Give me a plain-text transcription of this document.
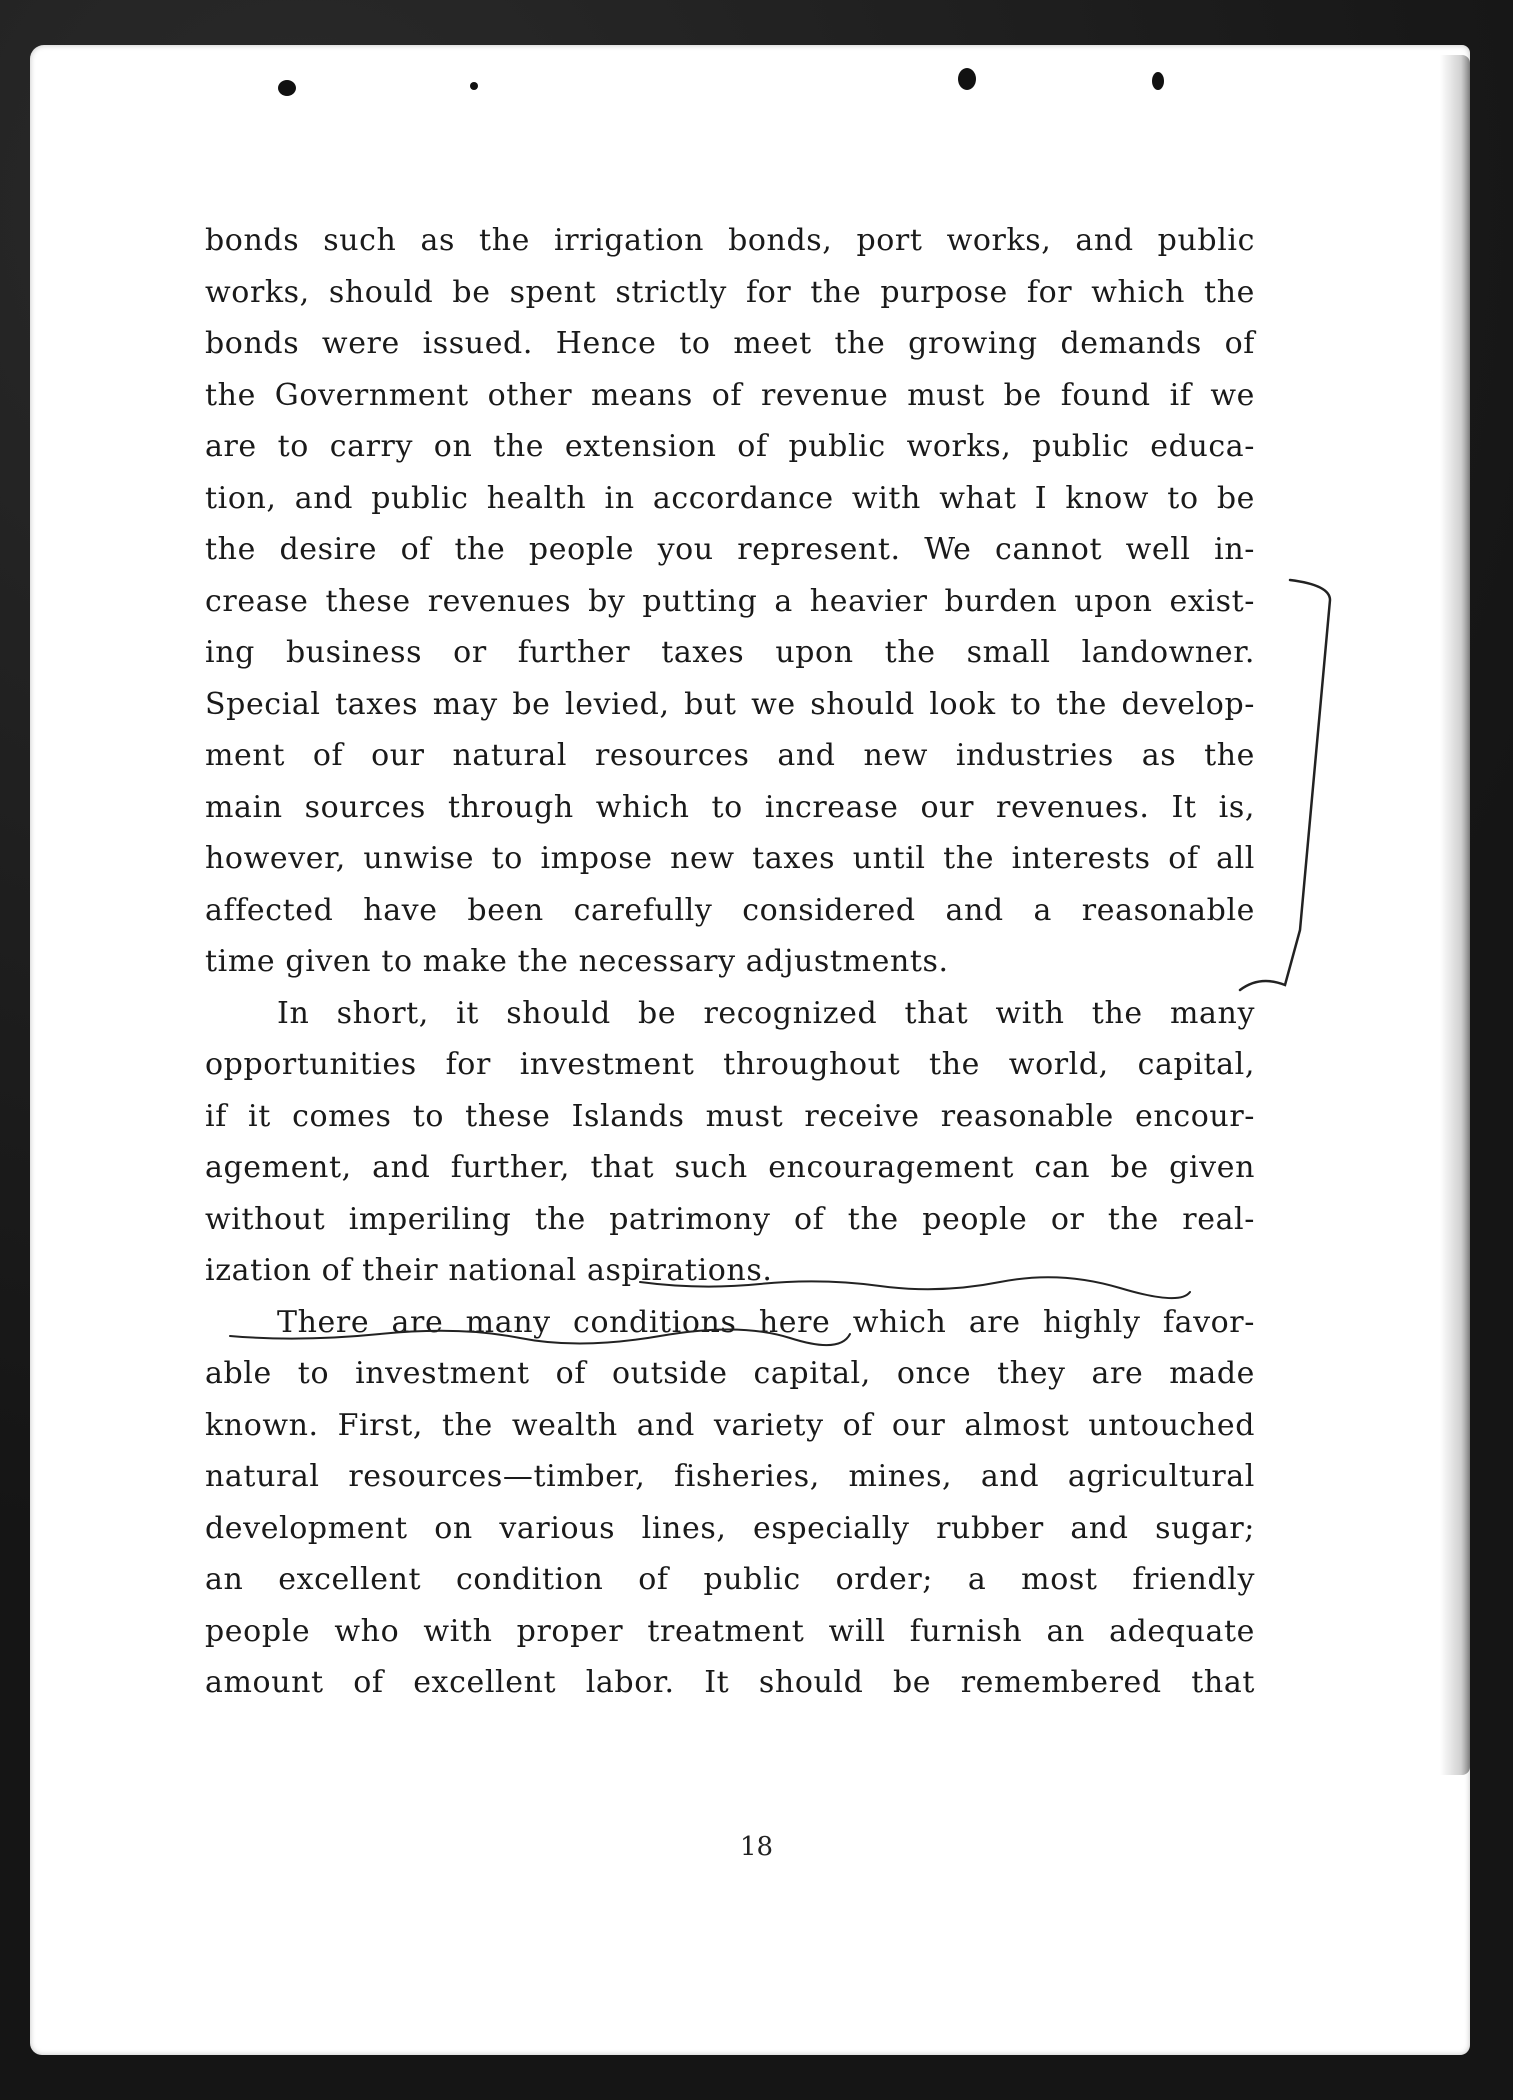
bonds such as the irrigation bonds, port works, and public
works, should be spent strictly for the purpose for which the
bonds were issued. Hence to meet the growing demands of
the Government other means of revenue must be found if we
are to carry on the extension of public works, public educa-
tion, and public health in accordance with what I know to be
the desire of the people you represent. We cannot well in-
crease these revenues by putting a heavier burden upon exist-
ing business or further taxes upon the small landowner.
Special taxes may be levied, but we should look to the develop-
ment of our natural resources and new industries as the
main sources through which to increase our revenues. It is,
however, unwise to impose new taxes until the interests of all
affected have been carefully considered and a reasonable
time given to make the necessary adjustments.
In short, it should be recognized that with the many
opportunities for investment throughout the world, capital,
if it comes to these Islands must receive reasonable encour-
agement, and further, that such encouragement can be given
without imperiling the patrimony of the people or the real-
ization of their national aspirations.
There are many conditions here which are highly favor-
able to investment of outside capital, once they are made
known. First, the wealth and variety of our almost untouched
natural resources—timber, fisheries, mines, and agricultural
development on various lines, especially rubber and sugar;
an excellent condition of public order; a most friendly
people who with proper treatment will furnish an adequate
amount of excellent labor. It should be remembered that
18
